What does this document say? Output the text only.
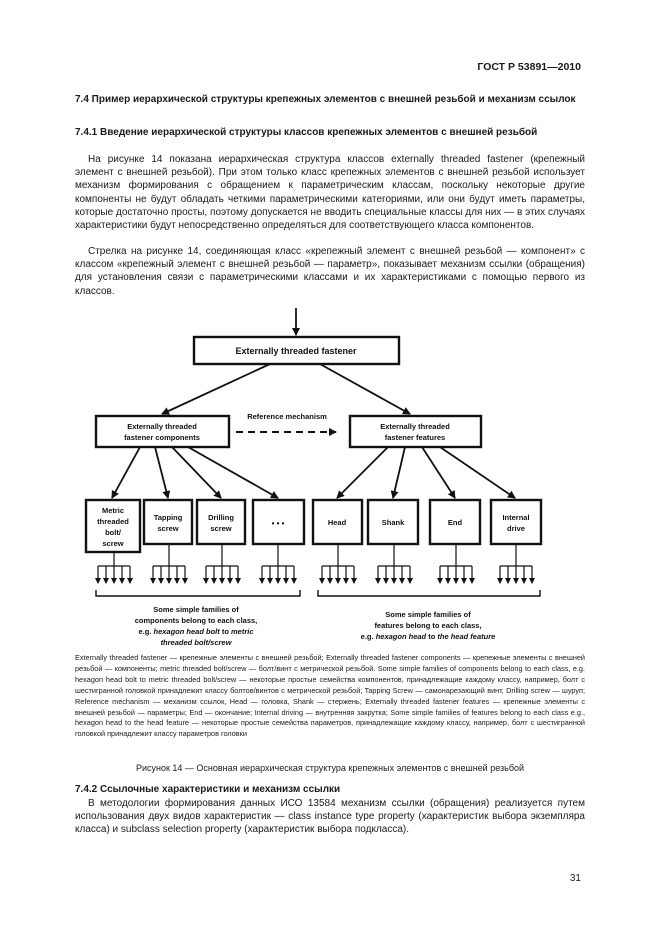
ГОСТ Р 53891—2010
7.4 Пример иерархической структуры крепежных элементов с внешней резьбой и механизм ссылок
7.4.1 Введение иерархической структуры классов крепежных элементов с внешней резьбой
На рисунке 14 показана иерархическая структура классов externally threaded fastener (крепежный элемент с внешней резьбой). При этом только класс крепежных элементов с внешней резьбой использует механизм формирования с обращением к параметрическим классам, поскольку некоторые другие компоненты не будут обладать четкими параметрическими категориями, или они будут иметь параметры, которые достаточно просты, поэтому допускается не вводить специальные классы для них — в этих случаях характеристики будут непосредственно определяться для соответствующего класса компонентов.
Стрелка на рисунке 14, соединяющая класс «крепежный элемент с внешней резьбой — компонент» с классом «крепежный элемент с внешней резьбой — параметр», показывает механизм ссылки (обращения) для установления связи с параметрическими классами и их характеристиками с помощью первого из классов.
Externally threaded fastener
Externally threaded
fastener components
Externally threaded
fastener features
Reference mechanism
Metric
threaded
bolt/
screw
Tapping
screw
Drilling
screw
• • •	Head	Shank	End
Internal
drive
Some simple families of
components belong to each class,
e.g. hexagon head bolt to metric
threaded bolt/screw
Some simple families of
features belong to each class,
e.g. hexagon head to the head feature
Externally threaded fastener — крепежные элементы с внешней резьбой; Externally threaded fastener components — крепежные элементы с внешней резьбой — компоненты; metric threaded bolt/screw — болт/винт с метрической резьбой. Some simple families of components belong to each class, e.g. hexagon head bolt to metric threaded bolt/screw — некоторые простые семейства компонентов, принадлежащие каждому классу, например, болт с шестигранной головкой принадлежит классу болтов/винтов с метрической резьбой; Tapping Screw — самонарезающий винт, Drilling screw — шуруп; Reference mechanism — механизм ссылок, Head — головка, Shank — стержень; Externally threaded fastener features — крепежные элементы с внешней резьбой — параметры; End — окончание; Internal driving — внутренняя закрутка; Some simple families of features belong to each class e.g., hexagon head to the head feature — некоторые простые семейства параметров, принадлежащие каждому классу, например, болт с шестигранной головкой принадлежит классу параметров головки
Рисунок 14 — Основная иерархическая структура крепежных элементов с внешней резьбой
7.4.2 Ссылочные характеристики и механизм ссылки
В методологии формирования данных ИСО 13584 механизм ссылки (обращения) реализуется путем использования двух видов характеристик — class instance type property (характеристик выбора экземпляра класса) и subclass selection property (характеристик выбора подкласса).
31
